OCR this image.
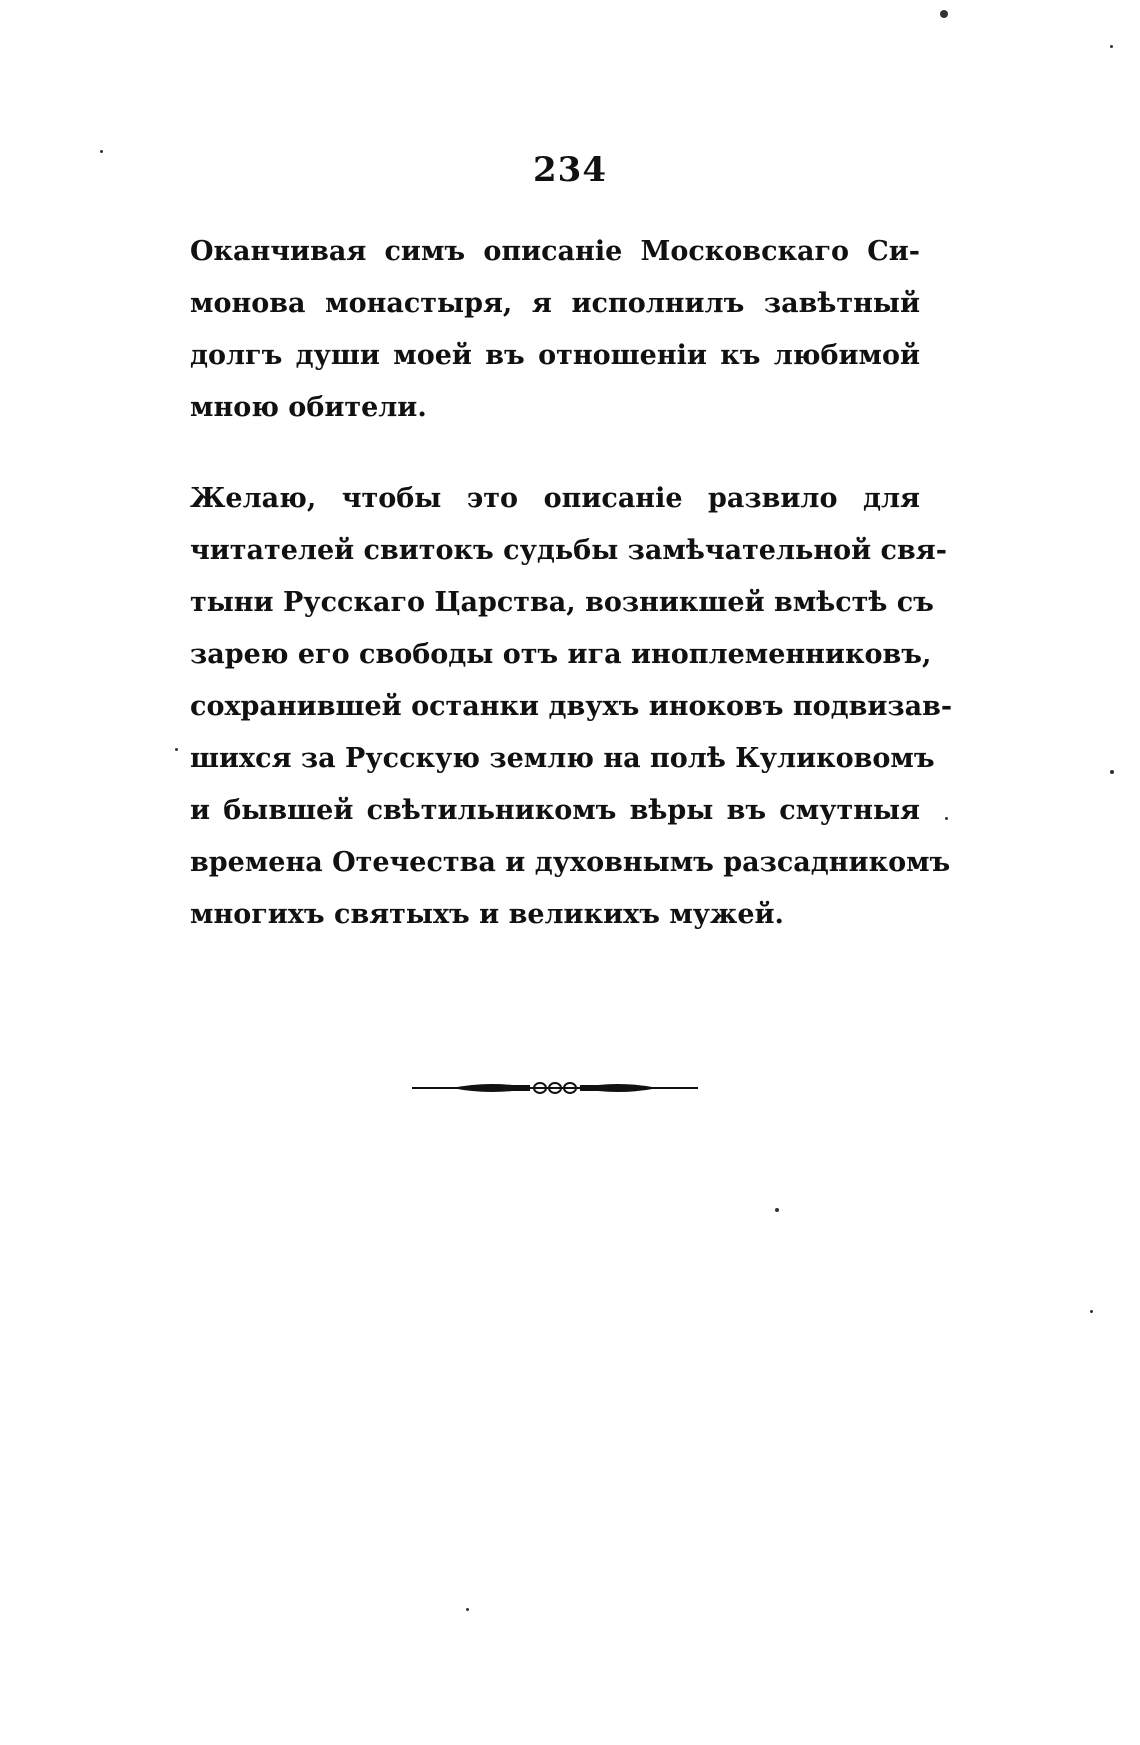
234
Оканчивая симъ описаніе Московскаго Си-
монова монастыря, я исполнилъ завѣтный
долгъ души моей въ отношеніи къ любимой
мною обители.
Желаю, чтобы это описаніе развило для
читателей свитокъ судьбы замѣчательной свя-
тыни Русскаго Царства, возникшей вмѣстѣ съ
зарею его свободы отъ ига иноплеменниковъ,
сохранившей останки двухъ иноковъ подвизав-
шихся за Русскую землю на полѣ Куликовомъ
и бывшей свѣтильникомъ вѣры въ смутныя
времена Отечества и духовнымъ разсадникомъ
многихъ святыхъ и великихъ мужей.
